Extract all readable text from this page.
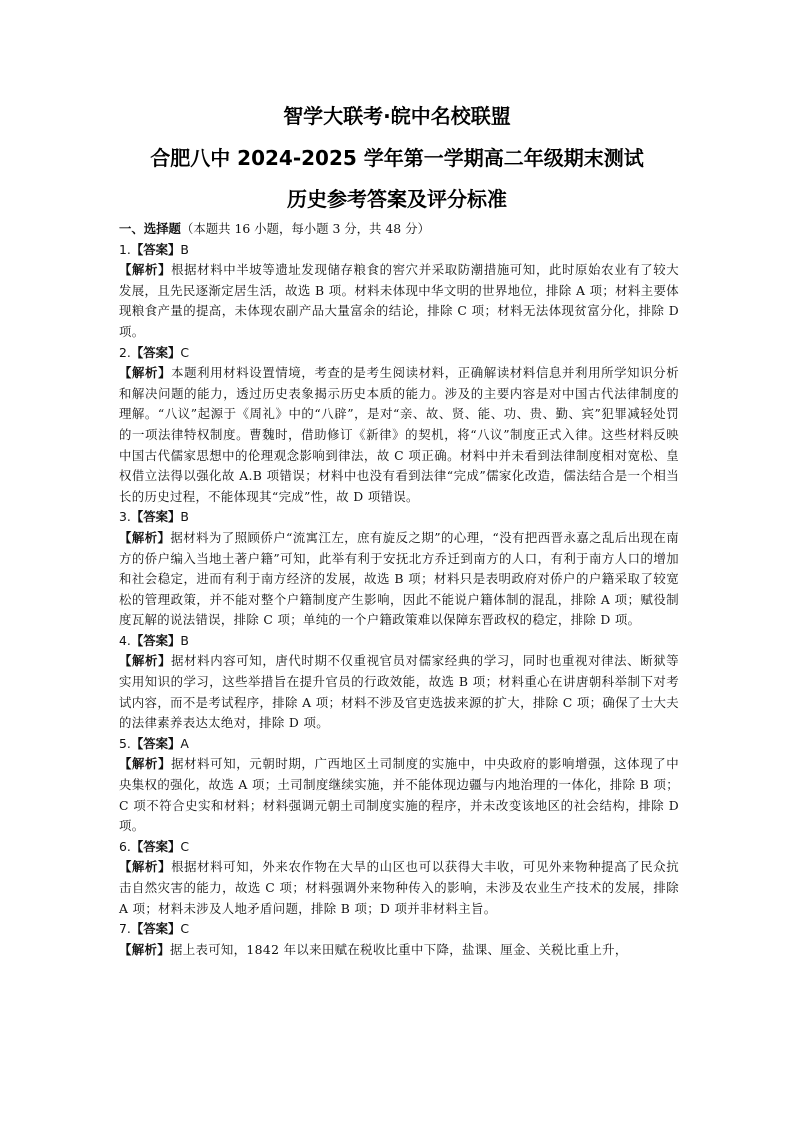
智学大联考·皖中名校联盟
合肥八中 2024-2025 学年第一学期高二年级期末测试
历史参考答案及评分标准
一、选择题（本题共 16 小题，每小题 3 分，共 48 分）
1.【答案】B
【解析】根据材料中半坡等遗址发现储存粮食的窖穴并采取防潮措施可知，此时原始农业有了较大发展，且先民逐渐定居生活，故选 B 项。材料未体现中华文明的世界地位，排除 A 项；材料主要体现粮食产量的提高，未体现农副产品大量富余的结论，排除 C 项；材料无法体现贫富分化，排除 D 项。
2.【答案】C
【解析】本题利用材料设置情境，考查的是考生阅读材料，正确解读材料信息并利用所学知识分析和解决问题的能力，透过历史表象揭示历史本质的能力。涉及的主要内容是对中国古代法律制度的理解。“八议”起源于《周礼》中的“八辟”，是对“亲、故、贤、能、功、贵、勤、宾”犯罪减轻处罚的一项法律特权制度。曹魏时，借助修订《新律》的契机，将“八议”制度正式入律。这些材料反映中国古代儒家思想中的伦理观念影响到律法，故 C 项正确。材料中并未看到法律制度相对宽松、皇权借立法得以强化故 A.B 项错误；材料中也没有看到法律“完成”儒家化改造，儒法结合是一个相当长的历史过程，不能体现其“完成”性，故 D 项错误。
3.【答案】B
【解析】据材料为了照顾侨户“流寓江左，庶有旋反之期”的心理，“没有把西晋永嘉之乱后出现在南方的侨户编入当地土著户籍”可知，此举有利于安抚北方乔迁到南方的人口，有利于南方人口的增加和社会稳定，进而有利于南方经济的发展，故选 B 项；材料只是表明政府对侨户的户籍采取了较宽松的管理政策，并不能对整个户籍制度产生影响，因此不能说户籍体制的混乱，排除 A 项；赋役制度瓦解的说法错误，排除 C 项；单纯的一个户籍政策难以保障东晋政权的稳定，排除 D 项。
4.【答案】B
【解析】据材料内容可知，唐代时期不仅重视官员对儒家经典的学习，同时也重视对律法、断狱等实用知识的学习，这些举措旨在提升官员的行政效能，故选 B 项；材料重心在讲唐朝科举制下对考试内容，而不是考试程序，排除 A 项；材料不涉及官吏选拔来源的扩大，排除 C 项；确保了士大夫的法律素养表达太绝对，排除 D 项。
5.【答案】A
【解析】据材料可知，元朝时期，广西地区土司制度的实施中，中央政府的影响增强，这体现了中央集权的强化，故选 A 项；土司制度继续实施，并不能体现边疆与内地治理的一体化，排除 B 项；C 项不符合史实和材料；材料强调元朝土司制度实施的程序，并未改变该地区的社会结构，排除 D 项。
6.【答案】C
【解析】根据材料可知，外来农作物在大旱的山区也可以获得大丰收，可见外来物种提高了民众抗击自然灾害的能力，故选 C 项；材料强调外来物种传入的影响，未涉及农业生产技术的发展，排除 A 项；材料未涉及人地矛盾问题，排除 B 项；D 项并非材料主旨。
7.【答案】C
【解析】据上表可知，1842 年以来田赋在税收比重中下降，盐课、厘金、关税比重上升，
